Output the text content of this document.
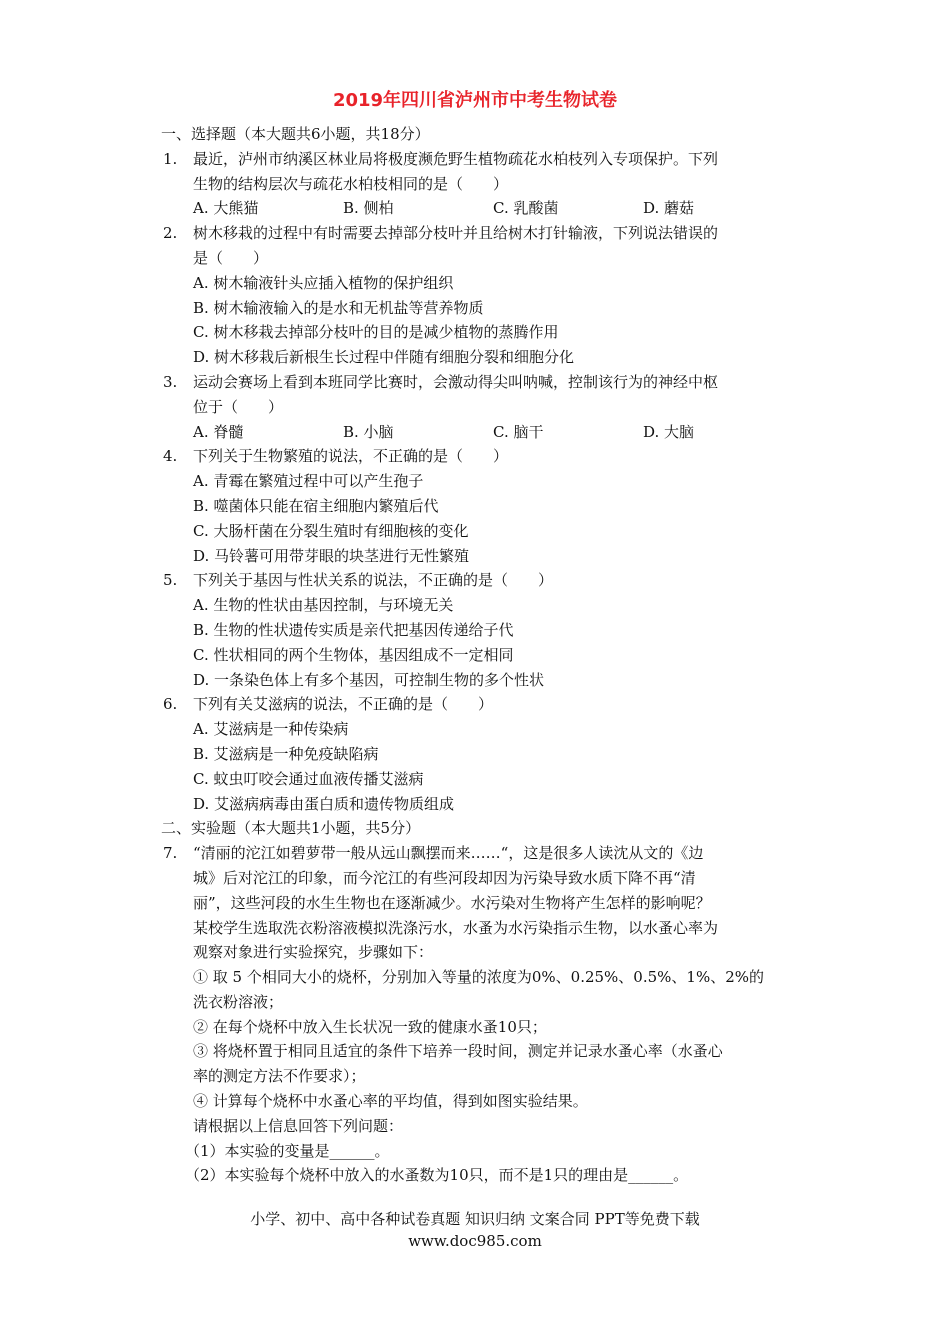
2019年四川省泸州市中考生物试卷
一、选择题（本大题共6小题，共18分）
1. 最近，泸州市纳溪区林业局将极度濒危野生植物疏花水柏枝列入专项保护。下列
生物的结构层次与疏花水柏枝相同的是（　　）
A. 大熊猫	B. 侧柏	C. 乳酸菌	D. 蘑菇
2. 树木移栽的过程中有时需要去掉部分枝叶并且给树木打针输液，下列说法错误的
是（　　）
A. 树木输液针头应插入植物的保护组织
B. 树木输液输入的是水和无机盐等营养物质
C. 树木移栽去掉部分枝叶的目的是减少植物的蒸腾作用
D. 树木移栽后新根生长过程中伴随有细胞分裂和细胞分化
3. 运动会赛场上看到本班同学比赛时，会激动得尖叫呐喊，控制该行为的神经中枢
位于（　　）
A. 脊髓	B. 小脑	C. 脑干	D. 大脑
4. 下列关于生物繁殖的说法，不正确的是（　　）
A. 青霉在繁殖过程中可以产生孢子
B. 噬菌体只能在宿主细胞内繁殖后代
C. 大肠杆菌在分裂生殖时有细胞核的变化
D. 马铃薯可用带芽眼的块茎进行无性繁殖
5. 下列关于基因与性状关系的说法，不正确的是（　　）
A. 生物的性状由基因控制，与环境无关
B. 生物的性状遗传实质是亲代把基因传递给子代
C. 性状相同的两个生物体，基因组成不一定相同
D. 一条染色体上有多个基因，可控制生物的多个性状
6. 下列有关艾滋病的说法，不正确的是（　　）
A. 艾滋病是一种传染病
B. 艾滋病是一种免疫缺陷病
C. 蚊虫叮咬会通过血液传播艾滋病
D. 艾滋病病毒由蛋白质和遗传物质组成
二、实验题（本大题共1小题，共5分）
7. “清丽的沱江如碧萝带一般从远山飘摆而来……“，这是很多人读沈从文的《边
城》后对沱江的印象，而今沱江的有些河段却因为污染导致水质下降不再“清
丽”，这些河段的水生生物也在逐渐减少。水污染对生物将产生怎样的影响呢？
某校学生选取洗衣粉溶液模拟洗涤污水，水蚤为水污染指示生物，以水蚤心率为
观察对象进行实验探究，步骤如下：
① 取 5 个相同大小的烧杯，分别加入等量的浓度为0%、0.25%、0.5%、1%、2%的
洗衣粉溶液；
② 在每个烧杯中放入生长状况一致的健康水蚤10只；
③ 将烧杯置于相同且适宜的条件下培养一段时间，测定并记录水蚤心率（水蚤心
率的测定方法不作要求）；
④ 计算每个烧杯中水蚤心率的平均值，得到如图实验结果。
请根据以上信息回答下列问题：
（1）本实验的变量是______。
（2）本实验每个烧杯中放入的水蚤数为10只，而不是1只的理由是______。
小学、初中、高中各种试卷真题 知识归纳 文案合同 PPT等免费下载
www.doc985.com
